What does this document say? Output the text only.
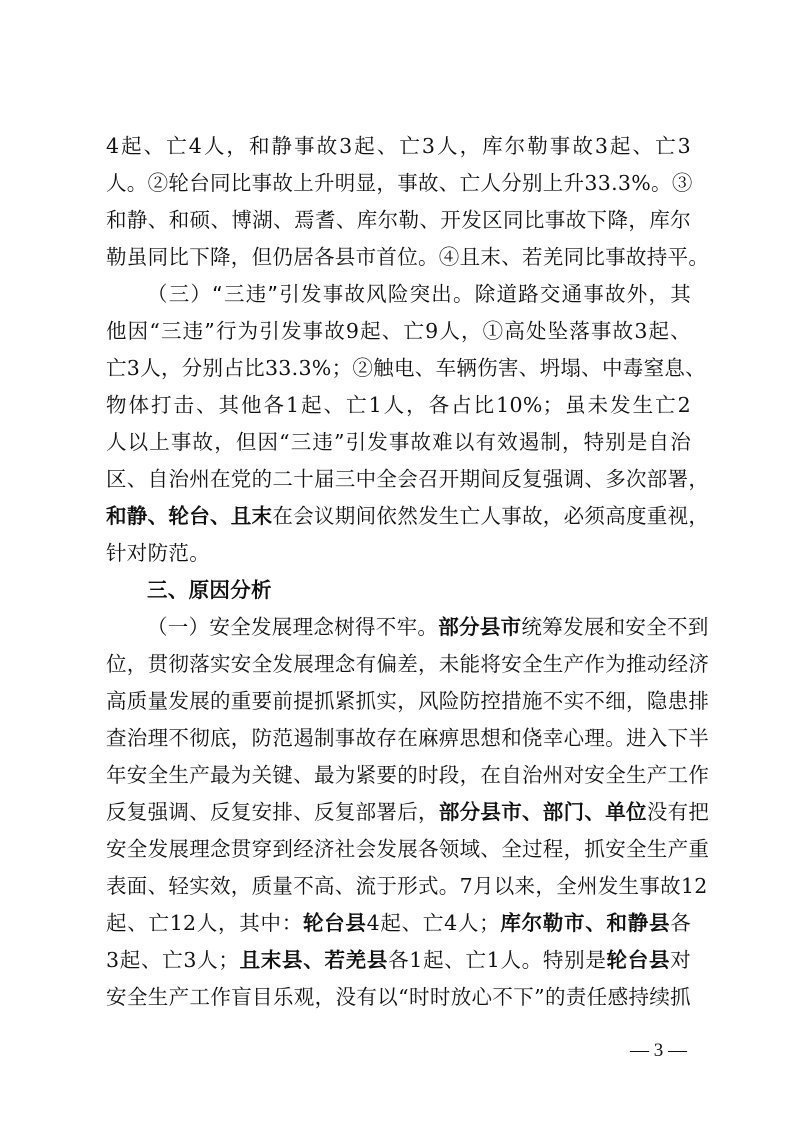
4起、亡4人，和静事故3起、亡3人，库尔勒事故3起、亡3
人。②轮台同比事故上升明显，事故、亡人分别上升33.3%。③
和静、和硕、博湖、焉耆、库尔勒、开发区同比事故下降，库尔
勒虽同比下降，但仍居各县市首位。④且末、若羌同比事故持平。
（三）“三违”引发事故风险突出。除道路交通事故外，其
他因“三违”行为引发事故9起、亡9人，①高处坠落事故3起、
亡3人，分别占比33.3%；②触电、车辆伤害、坍塌、中毒窒息、
物体打击、其他各1起、亡1人，各占比10%；虽未发生亡2
人以上事故，但因“三违”引发事故难以有效遏制，特别是自治
区、自治州在党的二十届三中全会召开期间反复强调、多次部署，
和静、轮台、且末在会议期间依然发生亡人事故，必须高度重视，
针对防范。
三、原因分析
（一）安全发展理念树得不牢。部分县市统筹发展和安全不到
位，贯彻落实安全发展理念有偏差，未能将安全生产作为推动经济
高质量发展的重要前提抓紧抓实，风险防控措施不实不细，隐患排
查治理不彻底，防范遏制事故存在麻痹思想和侥幸心理。进入下半
年安全生产最为关键、最为紧要的时段，在自治州对安全生产工作
反复强调、反复安排、反复部署后，部分县市、部门、单位没有把
安全发展理念贯穿到经济社会发展各领域、全过程，抓安全生产重
表面、轻实效，质量不高、流于形式。7月以来，全州发生事故12
起、亡12人，其中：轮台县4起、亡4人；库尔勒市、和静县各
3起、亡3人；且末县、若羌县各1起、亡1人。特别是轮台县对
安全生产工作盲目乐观，没有以“时时放心不下”的责任感持续抓
— 3 —
